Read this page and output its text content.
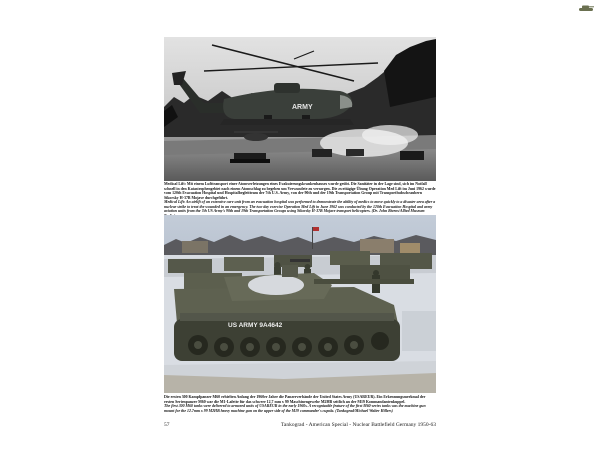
ARMY

Medical Lift: Mit einem Lufttransport einer Atomverletzungen eines Evakuierungskrankenhauses wurde geübt. Die Sanitäter in der Lage sind, sich im Notfall schnell in den Katastrophengebiet nach einem Atomschlag zu begeben um Verwundete zu versorgen. Die zweitägige Übung Operation Med Lift im Juni 1962 wurde vom 120th Evacuation Hospital und Hospitalbegleitteam der 7th U.S. Army, von der 90th und der 19th Transportation Group mit Transporthubschraubern Sikorsky H-37B Mojave durchgeführt.

Medical Lift: An airlift of an extensive care unit from an evacuation hospital was performed to demonstrate the ability of medics to move quickly to a disaster area after a nuclear strike to treat the wounded in an emergency. The two-day exercise Operation Med Lift in June 1962 was conducted by the 120th Evacuation Hospital and army aviation units from the 7th US Army's 90th and 19th Transportation Groups using Sikorsky H-37B Mojave transport helicopters. (Dr. John Bivens/Allied Museum

US ARMY 9A4642

Die ersten 300 Kampfpanzer M60 erhielten Anfang der 1960er Jahre die Panzerverbände der United States Army (USAREUR). Ein Erkennungsmerkmal der ersten Serienpanzer M60 war die M1-Lafette für das schwere 12,7 mm x 99 Maschinengewehr M2HB seitlich an der M19 Kommandantenkuppel.

The first 300 M60 tanks were delivered to armored units of USAREUR in the early 1960s. A recognizable feature of the first M60-series tanks was the machine gun mount for the 12.7mm x 99 M2HB heavy machine gun on the upper side of the M19 commander's cupola. (Tankograd/Michael Walter Hillers)

57	Tankograd - American Special - Nuclear Battlefield Germany 1950-63
